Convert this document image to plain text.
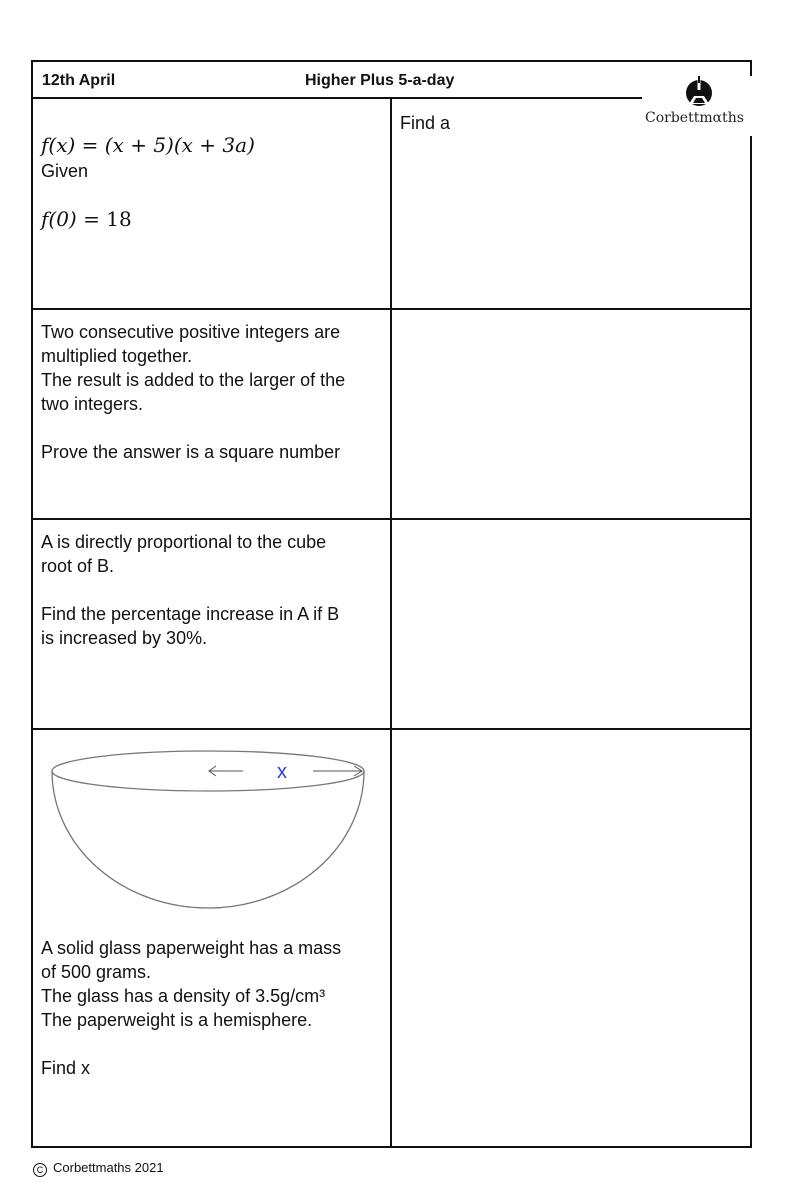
12th April	Higher Plus 5-a-day
Corbettmαths

f(x) = (x + 5)(x + 3a)

Given

f(0) = 18

Find a
Two consecutive positive integers are
multiplied together.
The result is added to the larger of the
two integers.

Prove the answer is a square number
A is directly proportional to the cube
root of B.

Find the percentage increase in A if B
is increased by 30%.
x
A solid glass paperweight has a mass
of 500 grams.
The glass has a density of 3.5g/cm³
The paperweight is a hemisphere.

Find x
C Corbettmaths 2021
